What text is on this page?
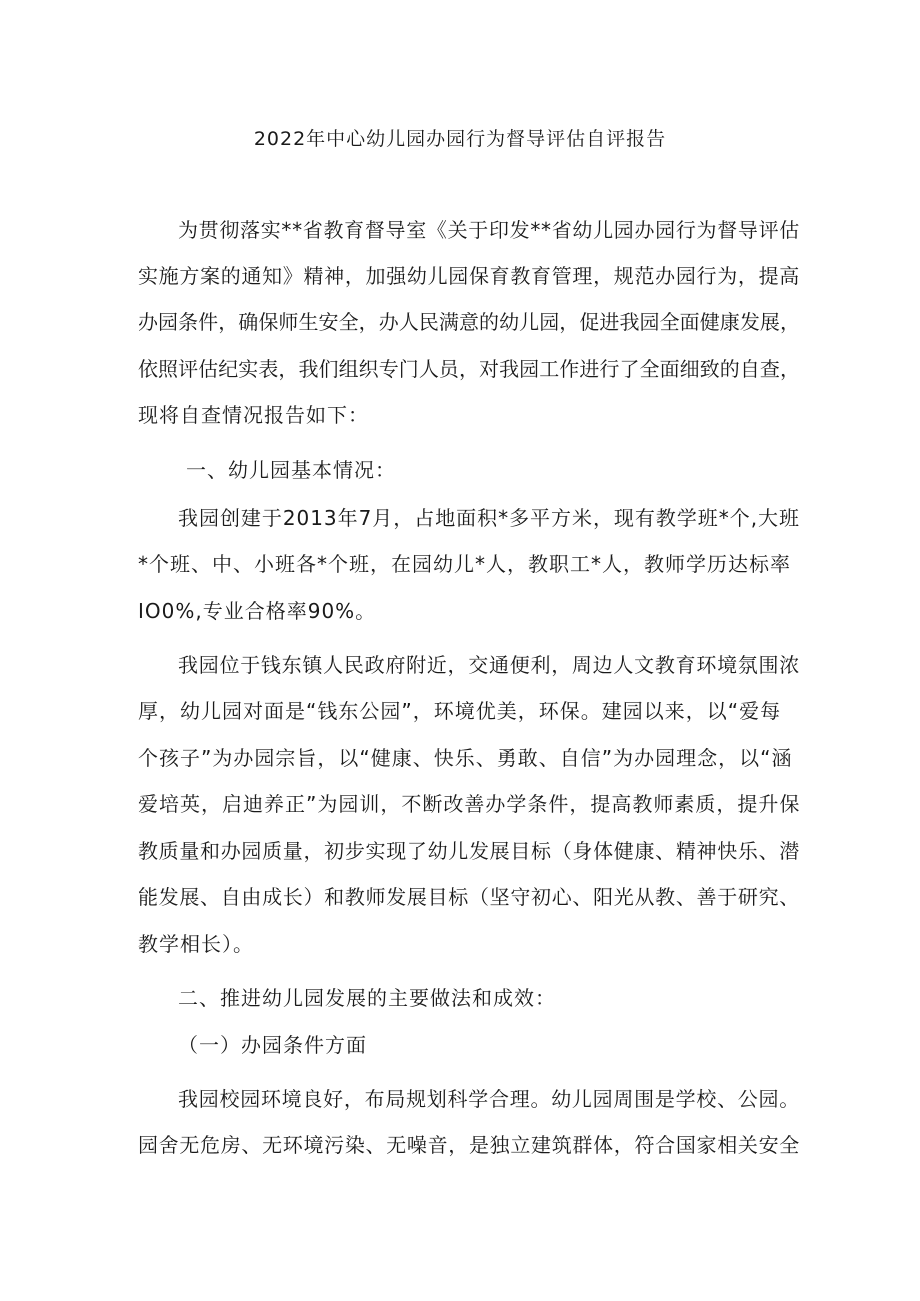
2022年中心幼儿园办园行为督导评估自评报告
为贯彻落实**省教育督导室《关于印发**省幼儿园办园行为督导评估
实施方案的通知》精神，加强幼儿园保育教育管理，规范办园行为，提高
办园条件，确保师生安全，办人民满意的幼儿园，促进我园全面健康发展，
依照评估纪实表，我们组织专门人员，对我园工作进行了全面细致的自查，
现将自查情况报告如下：
一、幼儿园基本情况：
我园创建于2013年7月，占地面积*多平方米，现有教学班*个,大班
*个班、中、小班各*个班，在园幼儿*人，教职工*人，教师学历达标率
IO0%,专业合格率90%。
我园位于钱东镇人民政府附近，交通便利，周边人文教育环境氛围浓
厚，幼儿园对面是“钱东公园”，环境优美，环保。建园以来，以“爱每
个孩子”为办园宗旨，以“健康、快乐、勇敢、自信”为办园理念，以“涵
爱培英，启迪养正”为园训，不断改善办学条件，提高教师素质，提升保
教质量和办园质量，初步实现了幼儿发展目标（身体健康、精神快乐、潜
能发展、自由成长）和教师发展目标（坚守初心、阳光从教、善于研究、
教学相长）。
二、推进幼儿园发展的主要做法和成效：
（一）办园条件方面
我园校园环境良好，布局规划科学合理。幼儿园周围是学校、公园。
园舍无危房、无环境污染、无噪音，是独立建筑群体，符合国家相关安全
